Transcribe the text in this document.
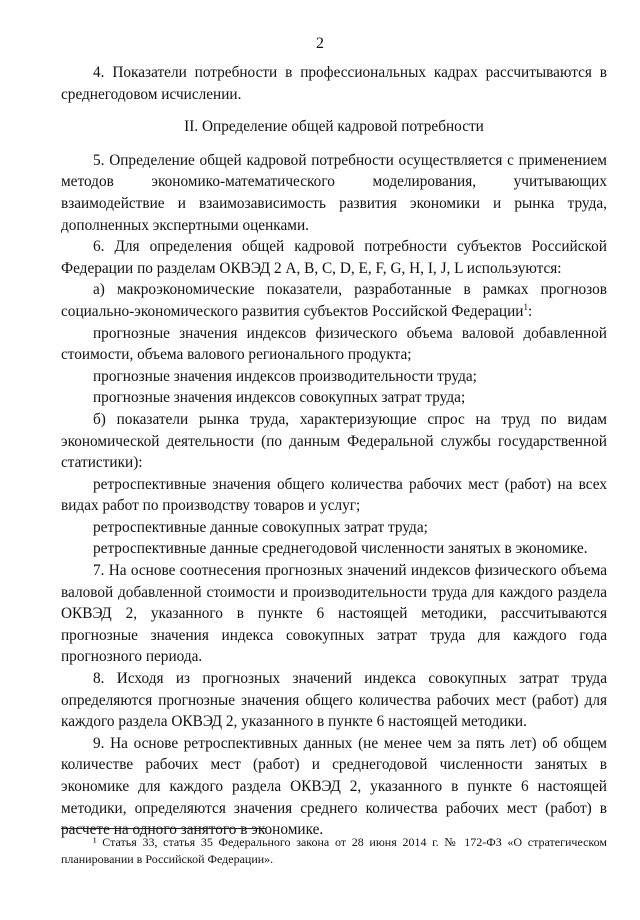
2

4. Показатели потребности в профессиональных кадрах рассчитываются в среднегодовом исчислении.

II. Определение общей кадровой потребности

5. Определение общей кадровой потребности осуществляется с применением методов экономико-математического моделирования, учитывающих взаимодействие и взаимозависимость развития экономики и рынка труда, дополненных экспертными оценками.

6. Для определения общей кадровой потребности субъектов Российской Федерации по разделам ОКВЭД 2 A, B, C, D, E, F, G, H, I, J, L используются:

а) макроэкономические показатели, разработанные в рамках прогнозов социально-экономического развития субъектов Российской Федерации$^1$:

прогнозные значения индексов физического объема валовой добавленной стоимости, объема валового регионального продукта;

прогнозные значения индексов производительности труда;

прогнозные значения индексов совокупных затрат труда;

б) показатели рынка труда, характеризующие спрос на труд по видам экономической деятельности (по данным Федеральной службы государственной статистики):

ретроспективные значения общего количества рабочих мест (работ) на всех видах работ по производству товаров и услуг;

ретроспективные данные совокупных затрат труда;

ретроспективные данные среднегодовой численности занятых в экономике.

7. На основе соотнесения прогнозных значений индексов физического объема валовой добавленной стоимости и производительности труда для каждого раздела ОКВЭД 2, указанного в пункте 6 настоящей методики, рассчитываются прогнозные значения индекса совокупных затрат труда для каждого года прогнозного периода.

8. Исходя из прогнозных значений индекса совокупных затрат труда определяются прогнозные значения общего количества рабочих мест (работ) для каждого раздела ОКВЭД 2, указанного в пункте 6 настоящей методики.

9. На основе ретроспективных данных (не менее чем за пять лет) об общем количестве рабочих мест (работ) и среднегодовой численности занятых в экономике для каждого раздела ОКВЭД 2, указанного в пункте 6 настоящей методики, определяются значения среднего количества рабочих мест (работ) в расчете на одного занятого в экономике.

¹ Статья 33, статья 35 Федерального закона от 28 июня 2014 г. № 172-ФЗ «О стратегическом планировании в Российской Федерации».
